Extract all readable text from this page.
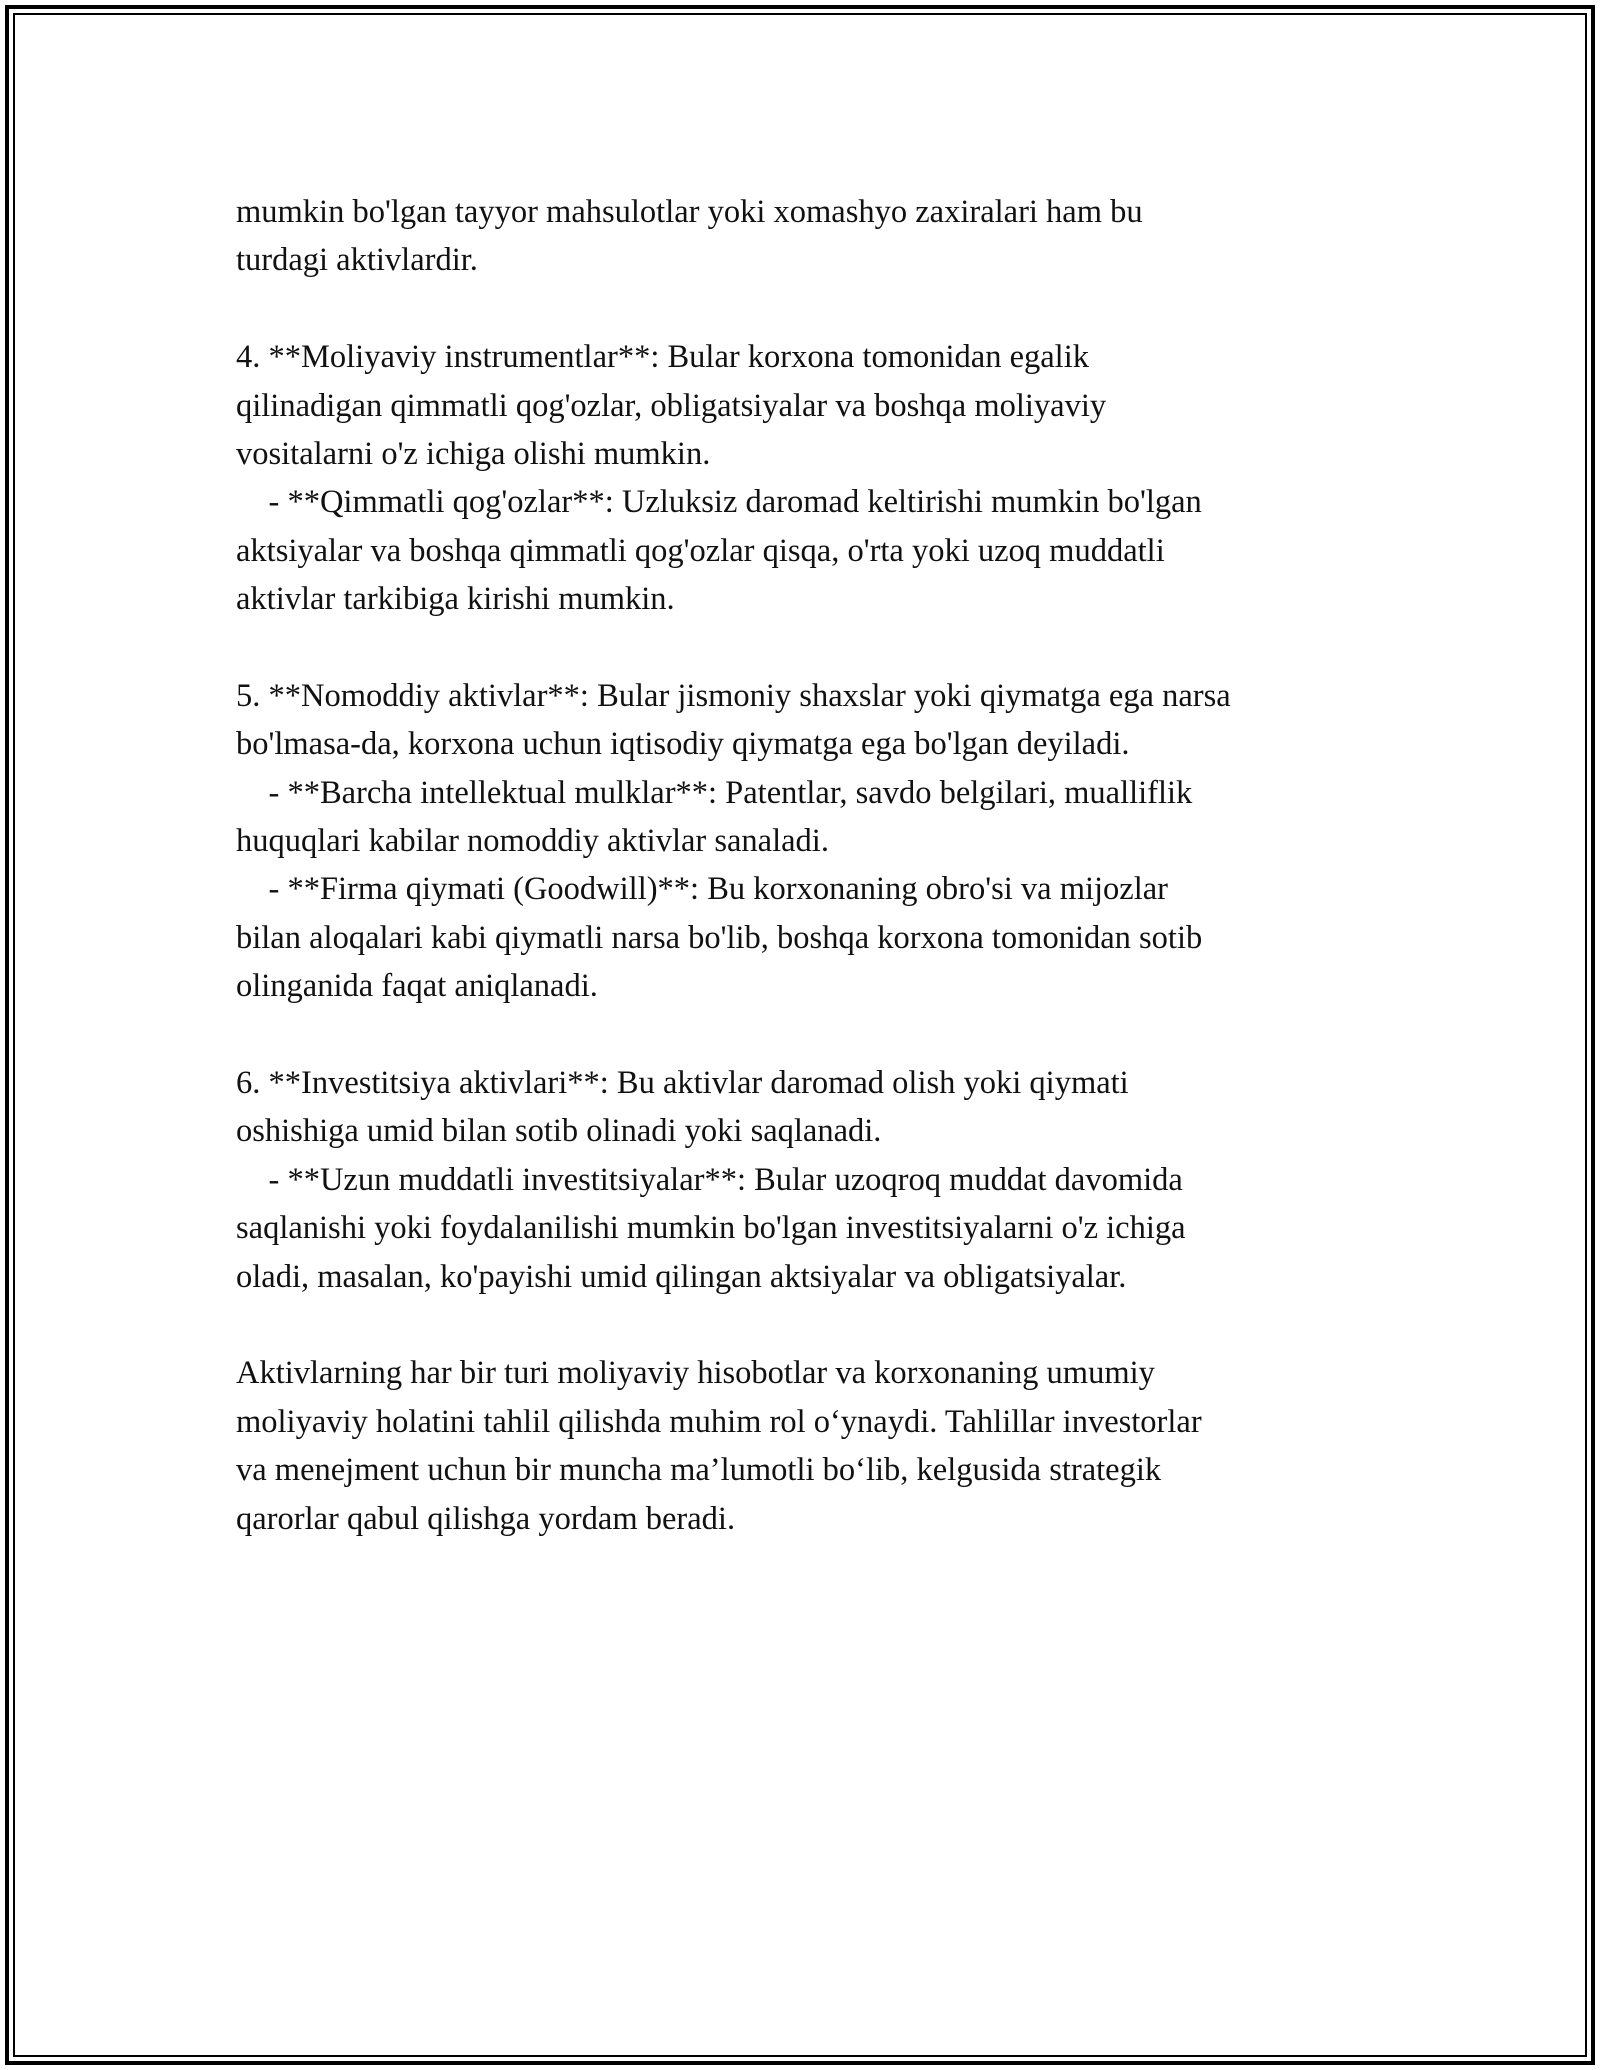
mumkin bo'lgan tayyor mahsulotlar yoki xomashyo zaxiralari ham bu
turdagi aktivlardir.
4. **Moliyaviy instrumentlar**: Bular korxona tomonidan egalik
qilinadigan qimmatli qog'ozlar, obligatsiyalar va boshqa moliyaviy
vositalarni o'z ichiga olishi mumkin.
- **Qimmatli qog'ozlar**: Uzluksiz daromad keltirishi mumkin bo'lgan
aktsiyalar va boshqa qimmatli qog'ozlar qisqa, o'rta yoki uzoq muddatli
aktivlar tarkibiga kirishi mumkin.
5. **Nomoddiy aktivlar**: Bular jismoniy shaxslar yoki qiymatga ega narsa
bo'lmasa-da, korxona uchun iqtisodiy qiymatga ega bo'lgan deyiladi.
- **Barcha intellektual mulklar**: Patentlar, savdo belgilari, mualliflik
huquqlari kabilar nomoddiy aktivlar sanaladi.
- **Firma qiymati (Goodwill)**: Bu korxonaning obro'si va mijozlar
bilan aloqalari kabi qiymatli narsa bo'lib, boshqa korxona tomonidan sotib
olinganida faqat aniqlanadi.
6. **Investitsiya aktivlari**: Bu aktivlar daromad olish yoki qiymati
oshishiga umid bilan sotib olinadi yoki saqlanadi.
- **Uzun muddatli investitsiyalar**: Bular uzoqroq muddat davomida
saqlanishi yoki foydalanilishi mumkin bo'lgan investitsiyalarni o'z ichiga
oladi, masalan, ko'payishi umid qilingan aktsiyalar va obligatsiyalar.
Aktivlarning har bir turi moliyaviy hisobotlar va korxonaning umumiy
moliyaviy holatini tahlil qilishda muhim rol o‘ynaydi. Tahlillar investorlar
va menejment uchun bir muncha ma’lumotli bo‘lib, kelgusida strategik
qarorlar qabul qilishga yordam beradi.
